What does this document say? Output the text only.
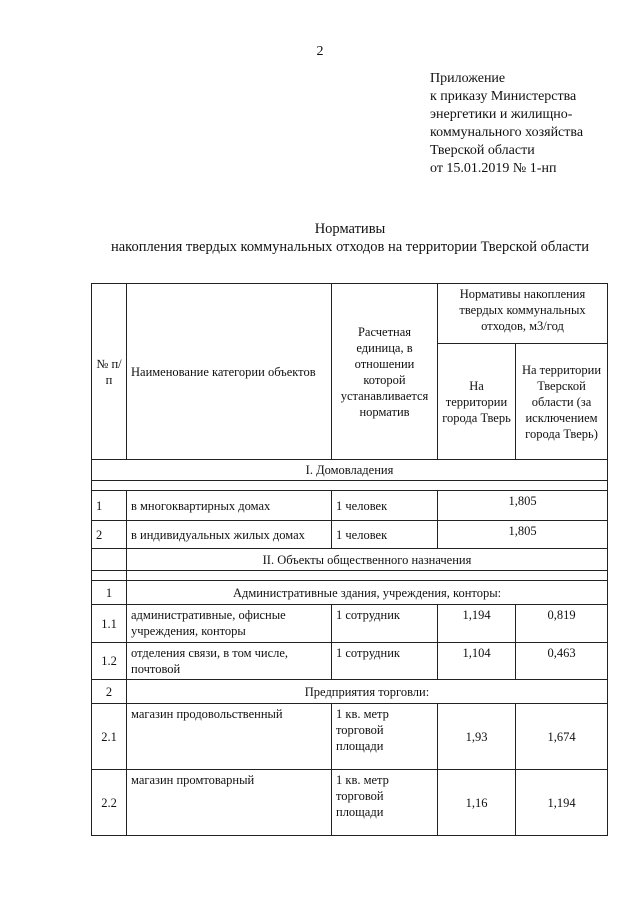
2
Приложение
к приказу Министерства
энергетики и жилищно-
коммунального хозяйства
Тверской области
от 15.01.2019 № 1-нп
Нормативы
накопления твердых коммунальных отходов на территории Тверской области
№ п/п	Наименование категории объектов	Расчетная единица, в отношении которой устанавливается норматив	Нормативы накопления твердых коммунальных отходов, м3/год	
			На территории города Тверь	На территории Тверской области (за исключением города Тверь)
I. Домовладения				

1	в многоквартирных домах	1 человек	1,805	
2	в индивидуальных жилых домах	1 человек	1,805	
	II. Объекты общественного назначения			

1	Административные здания, учреждения, конторы:			
1.1	административные, офисные учреждения, конторы	1 сотрудник	1,194	0,819
1.2	отделения связи, в том числе, почтовой	1 сотрудник	1,104	0,463
2	Предприятия торговли:			
2.1	магазин продовольственный	1 кв. метр торговой площади	1,93	1,674
2.2	магазин промтоварный	1 кв. метр торговой площади	1,16	1,194
